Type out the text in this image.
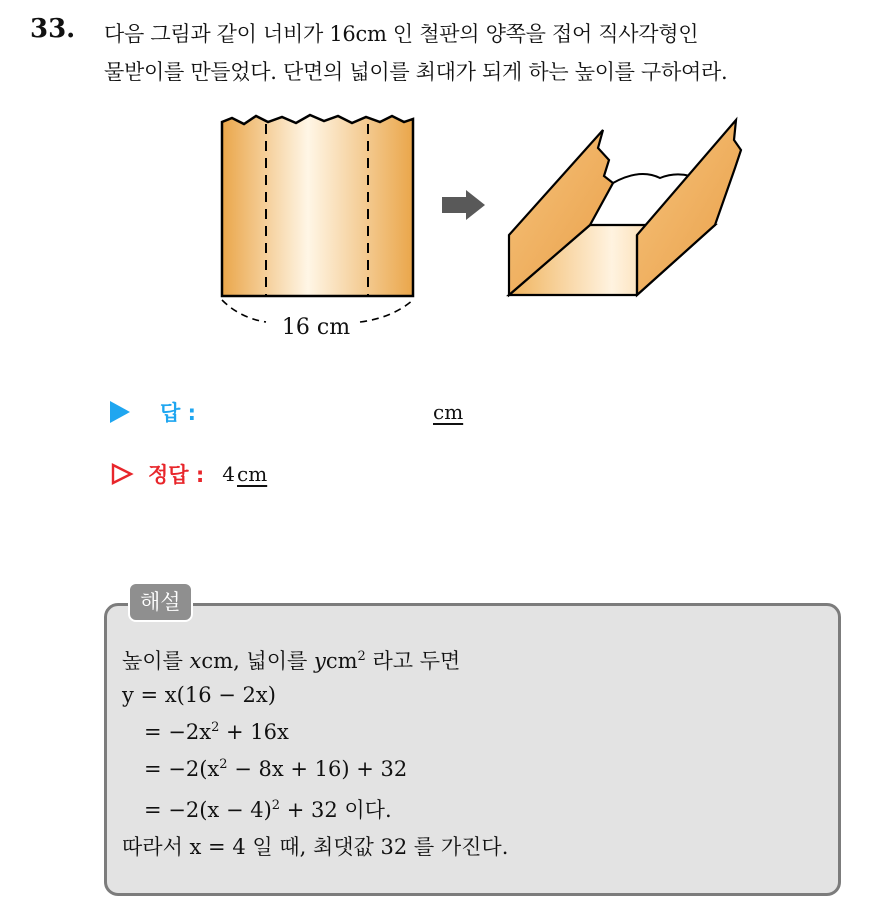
33. 다음 그림과 같이 너비가 16cm 인 철판의 양쪽을 접어 직사각형인
물받이를 만들었다. 단면의 넓이를 최대가 되게 하는 높이를 구하여라.
16 cm
답 :	cm
정답 : 4 cm
해설
높이를 xcm, 넓이를 ycm$^2$ 라고 두면
y = x(16 − 2x)
= $-2x^2 + 16x$
= $-2(x^2 - 8x + 16) + 32$
= $-2(x - 4)^2 + 32$ 이다.
따라서 x = 4 일 때, 최댓값 32 를 가진다.
